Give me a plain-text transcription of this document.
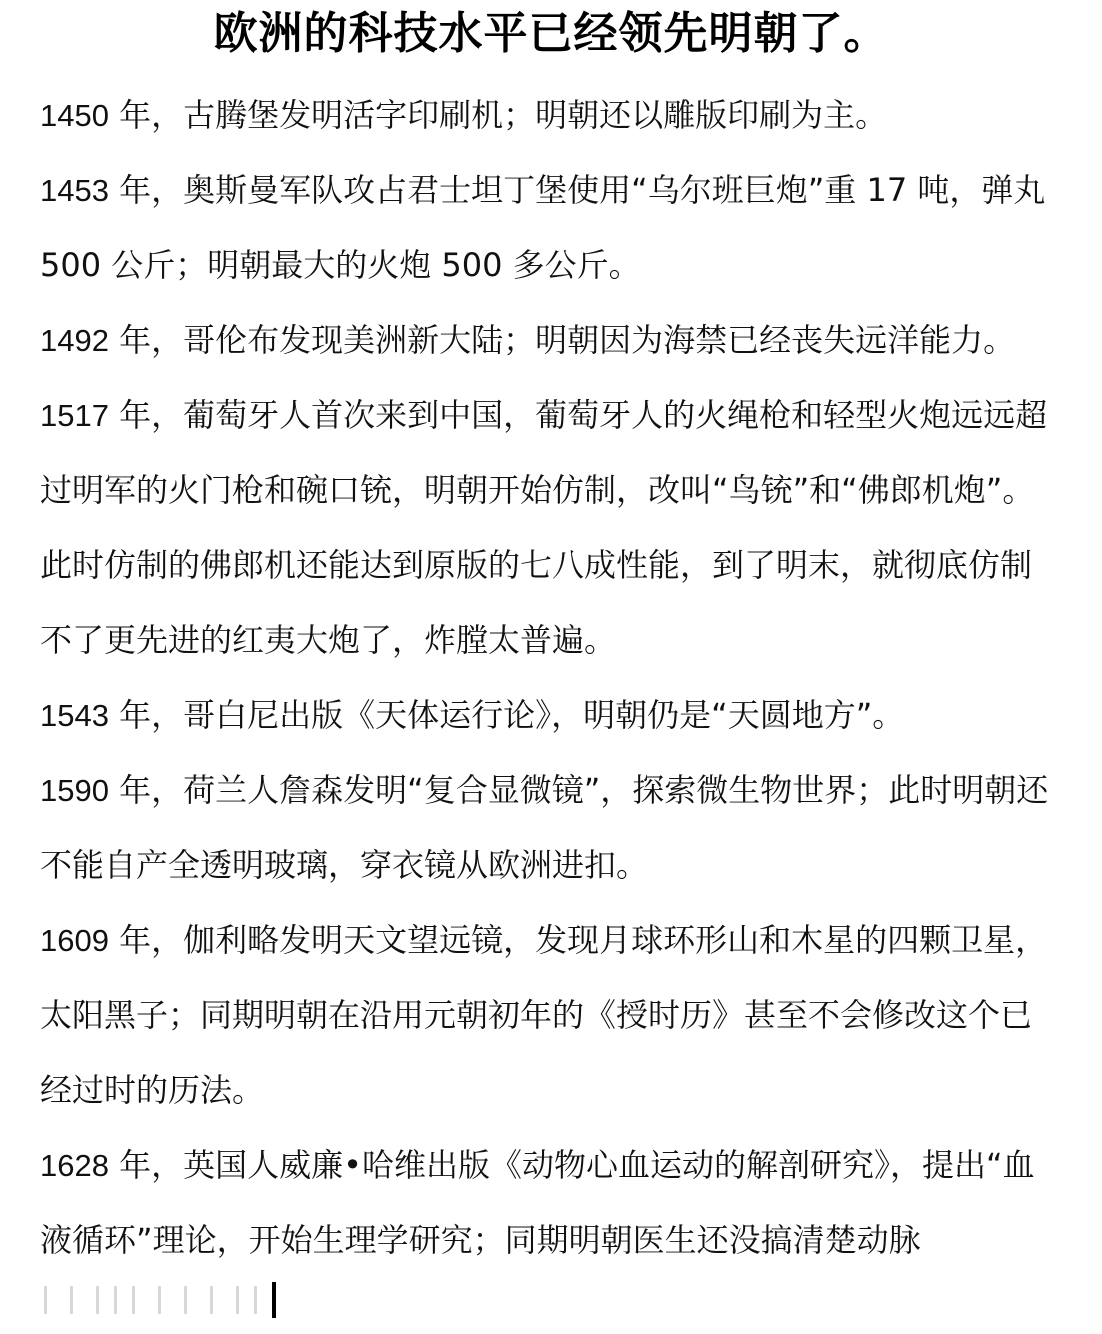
欧洲的科技水平已经领先明朝了。

1450 年，古腾堡发明活字印刷机；明朝还以雕版印刷为主。

1453 年，奥斯曼军队攻占君士坦丁堡使用“乌尔班巨炮”重 17 吨，弹丸 500 公斤；明朝最大的火炮 500 多公斤。

1492 年，哥伦布发现美洲新大陆；明朝因为海禁已经丧失远洋能力。

1517 年，葡萄牙人首次来到中国，葡萄牙人的火绳枪和轻型火炮远远超过明军的火门枪和碗口铳，明朝开始仿制，改叫“鸟铳”和“佛郎机炮”。此时仿制的佛郎机还能达到原版的七八成性能，到了明末，就彻底仿制不了更先进的红夷大炮了，炸膛太普遍。

1543 年，哥白尼出版《天体运行论》，明朝仍是“天圆地方”。

1590 年，荷兰人詹森发明“复合显微镜”，探索微生物世界；此时明朝还不能自产全透明玻璃，穿衣镜从欧洲进扣。

1609 年，伽利略发明天文望远镜，发现月球环形山和木星的四颗卫星，太阳黑子；同期明朝在沿用元朝初年的《授时历》甚至不会修改这个已经过时的历法。

1628 年，英国人威廉•哈维出版《动物心血运动的解剖研究》，提出“血液循环”理论，开始生理学研究；同期明朝医生还没搞清楚动脉
